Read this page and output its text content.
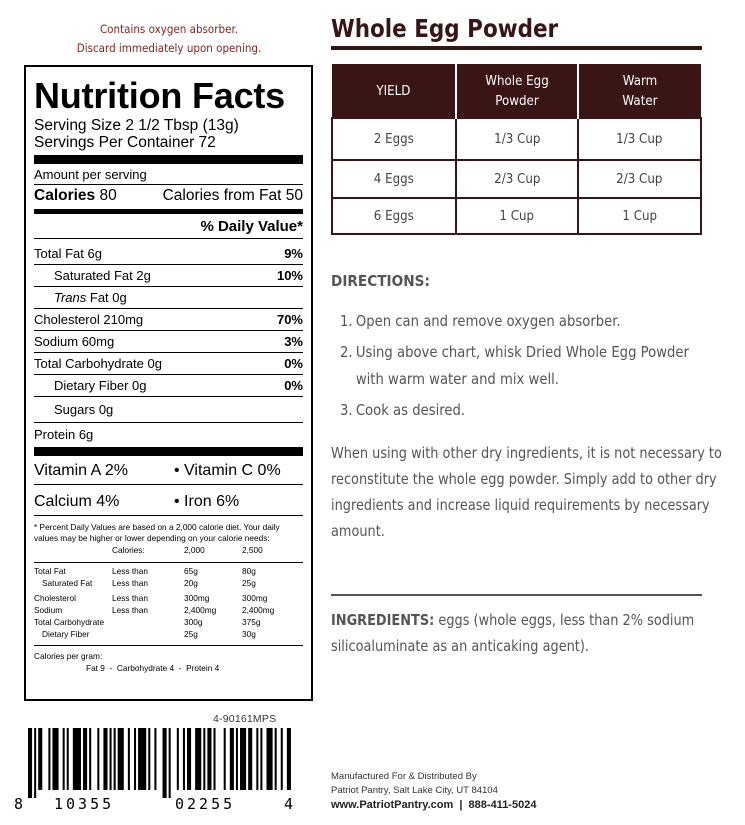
Contains oxygen absorber.
Discard immediately upon opening.
Nutrition Facts
Serving Size 2 1/2 Tbsp (13g)
Servings Per Container 72
Amount per serving
Calories 80	Calories from Fat 50
% Daily Value*
Total Fat 6g	9%
Saturated Fat 2g	10%
Trans Fat 0g
Cholesterol 210mg	70%
Sodium 60mg	3%
Total Carbohydrate 0g	0%
Dietary Fiber 0g	0%
Sugars 0g
Protein 6g
Vitamin A 2%	• Vitamin C 0%
Calcium 4%	• Iron 6%
* Percent Daily Values are based on a 2,000 calorie diet. Your daily values may be higher or lower depending on your calorie needs:
	Calories:	2,000	2,500

Total Fat	Less than	65g	80g
Saturated Fat	Less than	20g	25g

Cholesterol	Less than	300mg	300mg
Sodium	Less than	2,400mg	2,400mg
Total Carbohydrate		300g	375g
Dietary Fiber		25g	30g

Calories per gram:
Fat 9  -  Carbohydrate 4  -  Protein 4
4-90161MPS
8 10355	02255	4
Whole Egg Powder
YIELD	Whole Egg Powder	Warm Water
2 Eggs	1/3 Cup	1/3 Cup
4 Eggs	2/3 Cup	2/3 Cup
6 Eggs	1 Cup	1 Cup
DIRECTIONS:
1. Open can and remove oxygen absorber.
2. Using above chart, whisk Dried Whole Egg Powder with warm water and mix well.
3. Cook as desired.
When using with other dry ingredients, it is not necessary to reconstitute the whole egg powder. Simply add to other dry ingredients and increase liquid requirements by necessary amount.
INGREDIENTS: eggs (whole eggs, less than 2% sodium silicoaluminate as an anticaking agent).
Manufactured For & Distributed By
Patriot Pantry, Salt Lake City, UT 84104
www.PatriotPantry.com  |  888-411-5024
